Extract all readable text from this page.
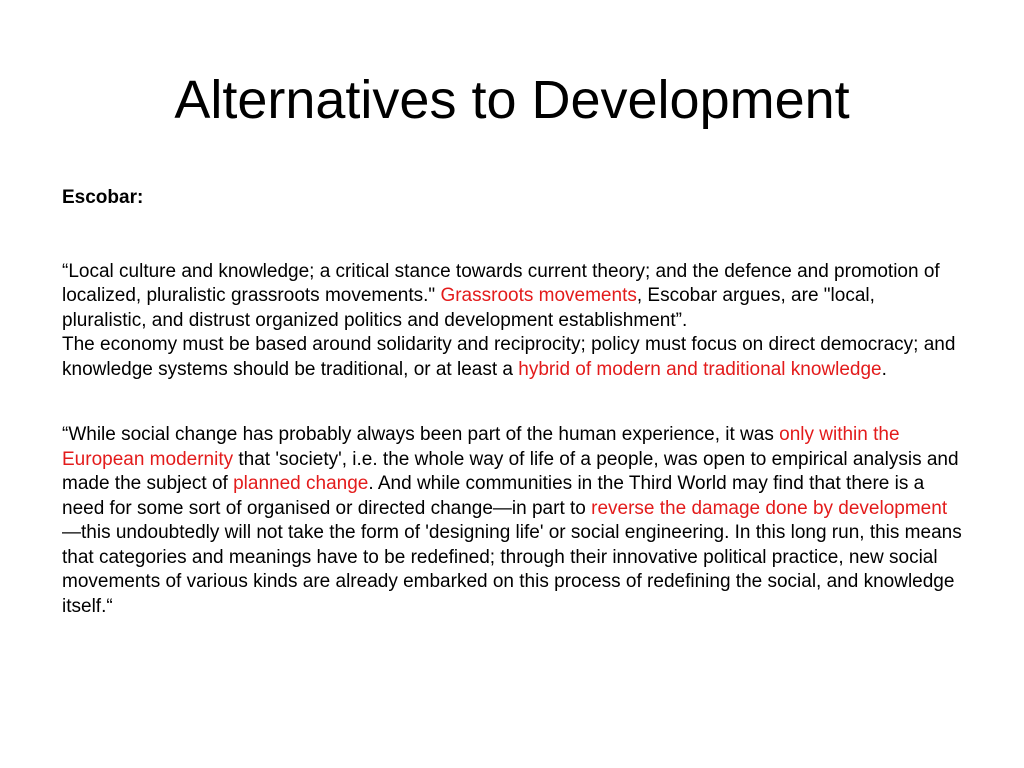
Alternatives to Development
Escobar:
“Local culture and knowledge; a critical stance towards current theory; and the defence and promotion of localized, pluralistic grassroots movements." Grassroots movements, Escobar argues, are "local, pluralistic, and distrust organized politics and development establishment”.
The economy must be based around solidarity and reciprocity; policy must focus on direct democracy; and knowledge systems should be traditional, or at least a hybrid of modern and traditional knowledge.
“While social change has probably always been part of the human experience, it was only within the European modernity that 'society', i.e. the whole way of life of a people, was open to empirical analysis and made the subject of planned change. And while communities in the Third World may find that there is a need for some sort of organised or directed change—in part to reverse the damage done by development—this undoubtedly will not take the form of 'designing life' or social engineering. In this long run, this means that categories and meanings have to be redefined; through their innovative political practice, new social movements of various kinds are already embarked on this process of redefining the social, and knowledge itself.“
